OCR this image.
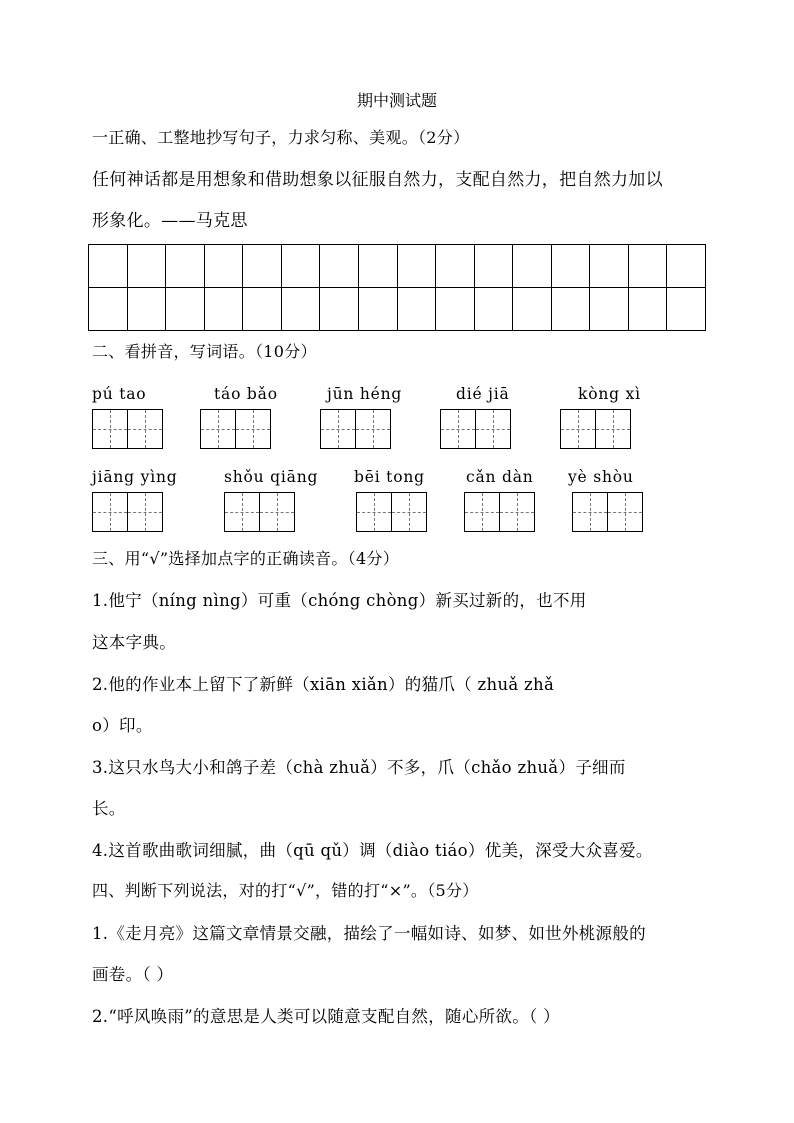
期中测试题
一正确、工整地抄写句子，力求匀称、美观。（2分）
任何神话都是用想象和借助想象以征服自然力，支配自然力，把自然力加以
形象化。——马克思

二、看拼音，写词语。（10分）
pú tao	táo bǎo	jūn héng	dié jiā	kòng xì
jiāng yìng	shǒu qiāng bēi tong	cǎn dàn yè shòu
三、用“√”选择加点字的正确读音。（4分）
1.他宁（níng nìng）可重（chóng chòng）新买过新的，也不用
这本字典。
2.他的作业本上留下了新鲜（xiān xiǎn）的猫爪（ zhuǎ zhǎ
o）印。
3.这只水鸟大小和鸽子差（chà zhuǎ）不多，爪（chǎo zhuǎ）子细而
长。
4.这首歌曲歌词细腻，曲（qū qǔ）调（diào tiáo）优美，深受大众喜爱。
四、判断下列说法，对的打“√”，错的打“×”。（5分）
1.《走月亮》这篇文章情景交融，描绘了一幅如诗、如梦、如世外桃源般的
画卷。（ ）
2.“呼风唤雨”的意思是人类可以随意支配自然，随心所欲。（ ）
